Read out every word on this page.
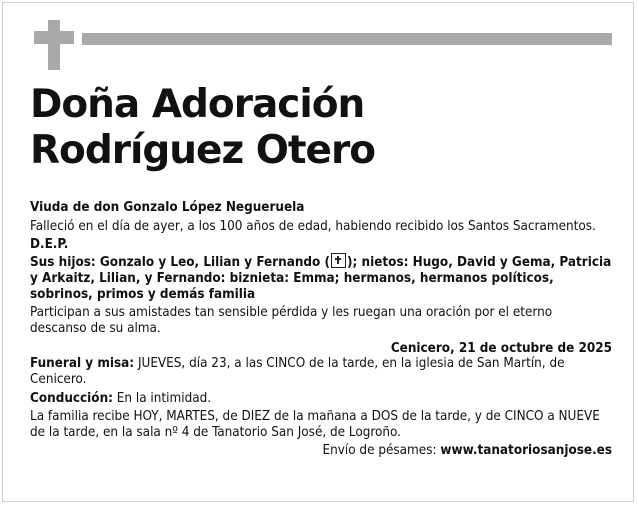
Doña Adoración
Rodríguez Otero

Viuda de don Gonzalo López Negueruela

Falleció en el día de ayer, a los 100 años de edad, habiendo recibido los Santos Sacramentos.

D.E.P.

Sus hijos: Gonzalo y Leo, Lilian y Fernando ( ); nietos: Hugo, David y Gema, Patricia y Arkaitz, Lilian, y Fernando: biznieta: Emma; hermanos, hermanos políticos, sobrinos, primos y demás familia

Participan a sus amistades tan sensible pérdida y les ruegan una oración por el eterno descanso de su alma.

Cenicero, 21 de octubre de 2025

Funeral y misa: JUEVES, día 23, a las CINCO de la tarde, en la iglesia de San Martín, de Cenicero.

Conducción: En la intimidad.

La familia recibe HOY, MARTES, de DIEZ de la mañana a DOS de la tarde, y de CINCO a NUEVE de la tarde, en la sala nº 4 de Tanatorio San José, de Logroño.

Envío de pésames: www.tanatoriosanjose.es
